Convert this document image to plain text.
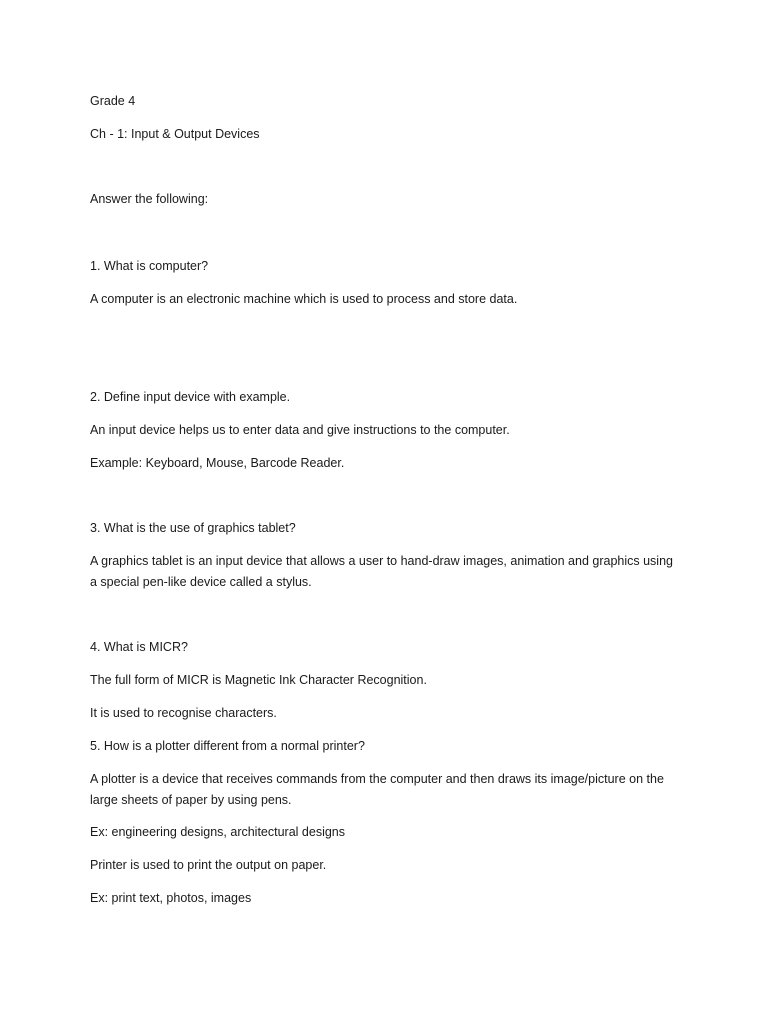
Grade 4
Ch - 1: Input & Output Devices
Answer the following:
1. What is computer?
A computer is an electronic machine which is used to process and store data.
2. Define input device with example.
An input device helps us to enter data and give instructions to the computer.
Example: Keyboard, Mouse, Barcode Reader.
3. What is the use of graphics tablet?
A graphics tablet is an input device that allows a user to hand-draw images, animation and graphics using a special pen-like device called a stylus.
4. What is MICR?
The full form of MICR is Magnetic Ink Character Recognition.
It is used to recognise characters.
5. How is a plotter different from a normal printer?
A plotter is a device that receives commands from the computer and then draws its image/picture on the large sheets of paper by using pens.
Ex: engineering designs, architectural designs
Printer is used to print the output on paper.
Ex: print text, photos, images
